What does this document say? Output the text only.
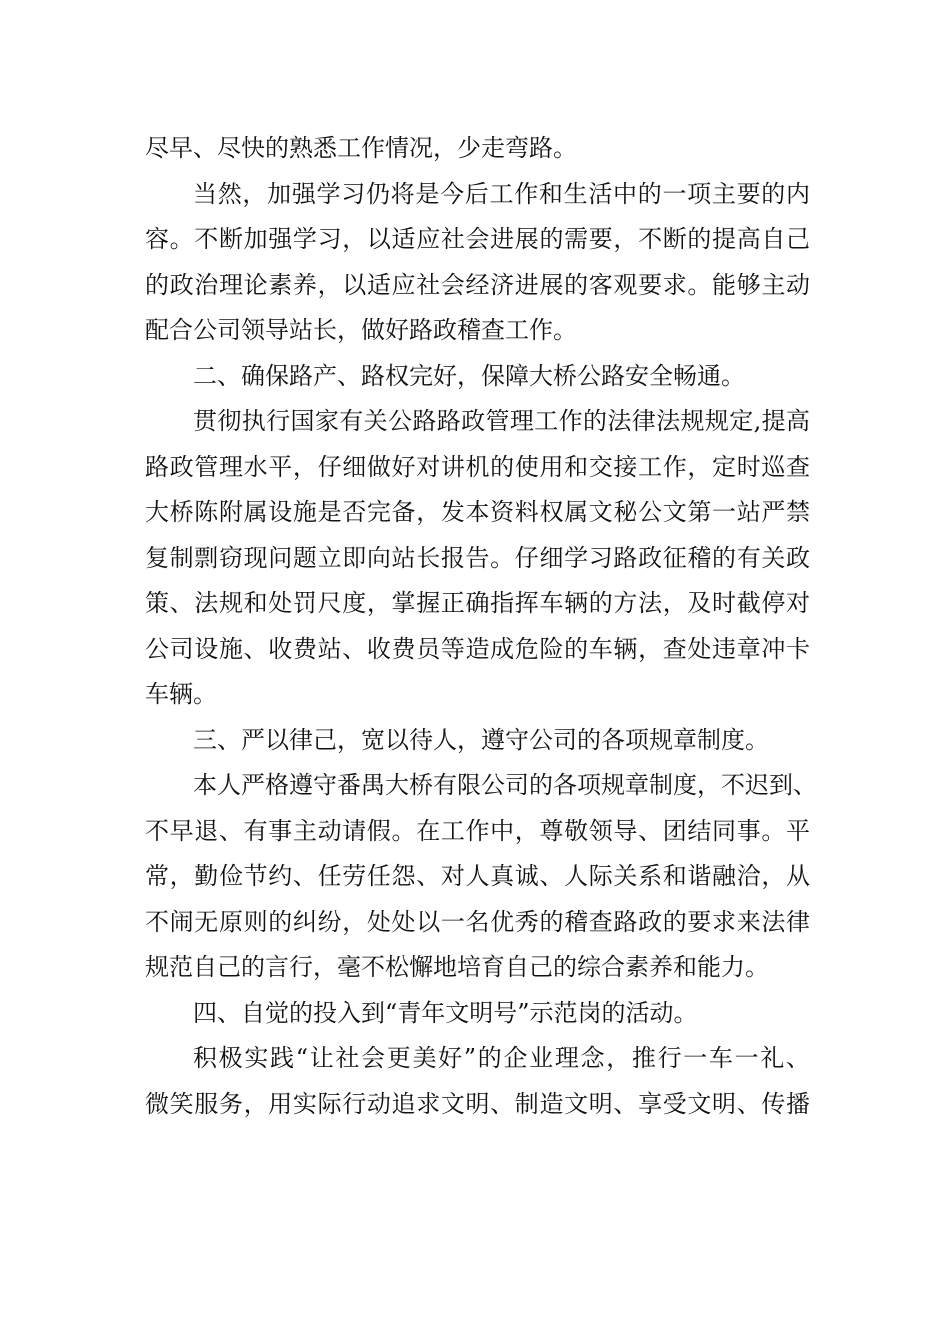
尽早、尽快的熟悉工作情况，少走弯路。
当然，加强学习仍将是今后工作和生活中的一项主要的内
容。不断加强学习，以适应社会进展的需要，不断的提高自己
的政治理论素养，以适应社会经济进展的客观要求。能够主动
配合公司领导站长，做好路政稽查工作。
二、确保路产、路权完好，保障大桥公路安全畅通。
贯彻执行国家有关公路路政管理工作的法律法规规定,提高
路政管理水平，仔细做好对讲机的使用和交接工作，定时巡查
大桥陈附属设施是否完备，发本资料权属文秘公文第一站严禁
复制剽窃现问题立即向站长报告。仔细学习路政征稽的有关政
策、法规和处罚尺度，掌握正确指挥车辆的方法，及时截停对
公司设施、收费站、收费员等造成危险的车辆，查处违章冲卡
车辆。
三、严以律己，宽以待人，遵守公司的各项规章制度。
本人严格遵守番禺大桥有限公司的各项规章制度，不迟到、
不早退、有事主动请假。在工作中，尊敬领导、团结同事。平
常，勤俭节约、任劳任怨、对人真诚、人际关系和谐融洽，从
不闹无原则的纠纷，处处以一名优秀的稽查路政的要求来法律
规范自己的言行，毫不松懈地培育自己的综合素养和能力。
四、自觉的投入到“青年文明号”示范岗的活动。
积极实践“让社会更美好”的企业理念，推行一车一礼、
微笑服务，用实际行动追求文明、制造文明、享受文明、传播
